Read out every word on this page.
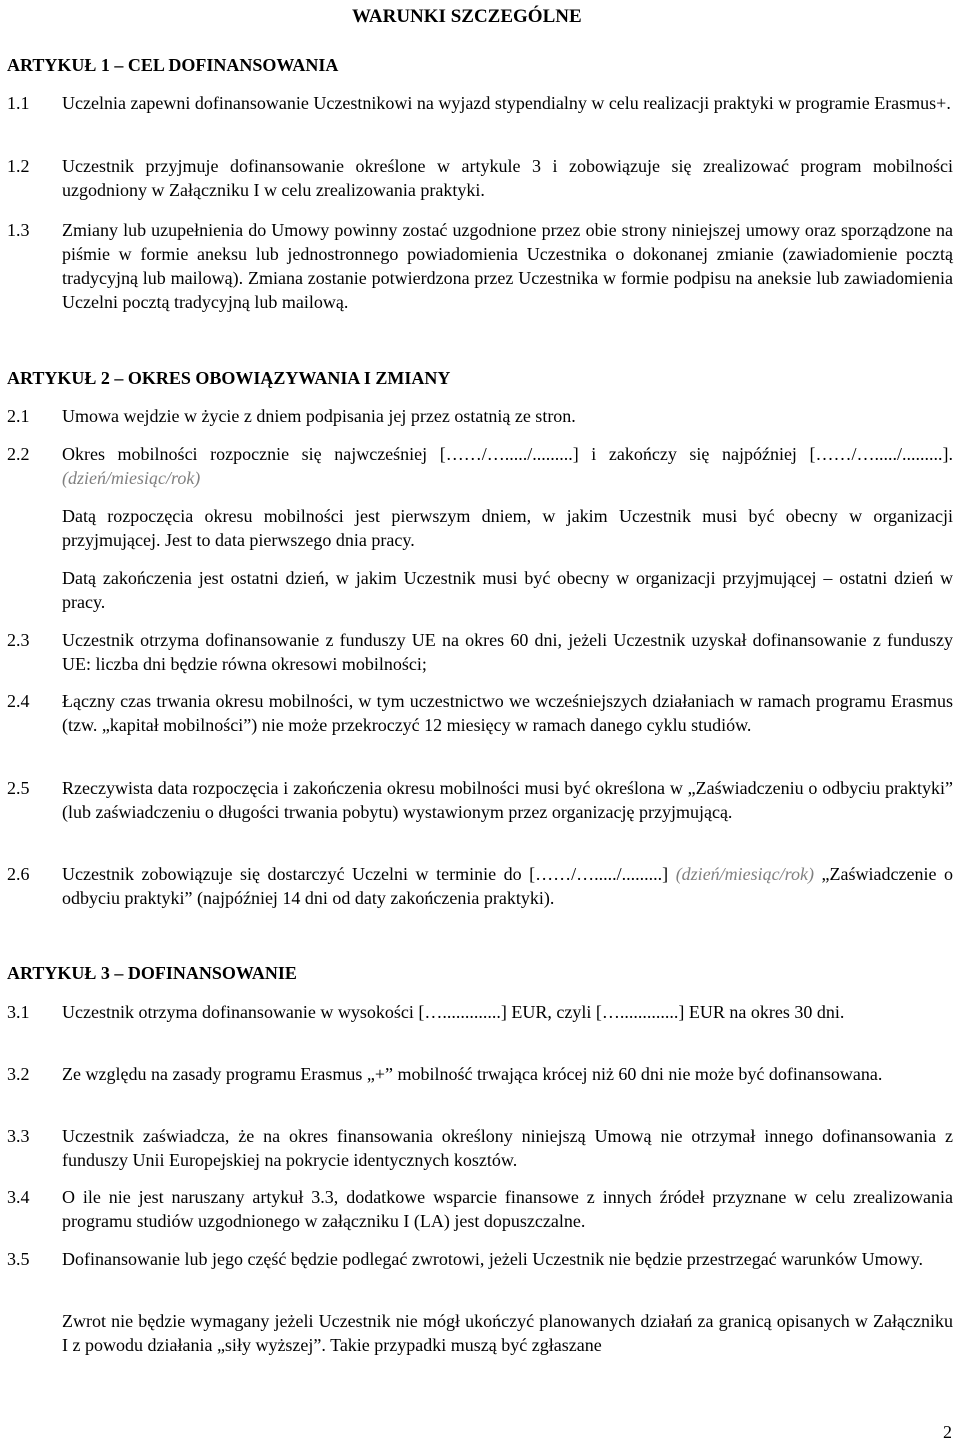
WARUNKI SZCZEGÓLNE
ARTYKUŁ 1 – CEL DOFINANSOWANIA
1.1 Uczelnia zapewni dofinansowanie Uczestnikowi na wyjazd stypendialny w celu realizacji praktyki w programie Erasmus+.
1.2 Uczestnik przyjmuje dofinansowanie określone w artykule 3 i zobowiązuje się zrealizować program mobilności uzgodniony w Załączniku I w celu zrealizowania praktyki.
1.3 Zmiany lub uzupełnienia do Umowy powinny zostać uzgodnione przez obie strony niniejszej umowy oraz sporządzone na piśmie w formie aneksu lub jednostronnego powiadomienia Uczestnika o dokonanej zmianie (zawiadomienie pocztą tradycyjną lub mailową). Zmiana zostanie potwierdzona przez Uczestnika w formie podpisu na aneksie lub zawiadomienia Uczelni pocztą tradycyjną lub mailową.
ARTYKUŁ 2 – OKRES OBOWIĄZYWANIA I ZMIANY
2.1 Umowa wejdzie w życie z dniem podpisania jej przez ostatnią ze stron.
2.2 Okres mobilności rozpocznie się najwcześniej [……/…...../.........] i zakończy się najpóźniej [……/…...../.........]. (dzień/miesiąc/rok)
Datą rozpoczęcia okresu mobilności jest pierwszym dniem, w jakim Uczestnik musi być obecny w organizacji przyjmującej. Jest to data pierwszego dnia pracy.
Datą zakończenia jest ostatni dzień, w jakim Uczestnik musi być obecny w organizacji przyjmującej – ostatni dzień w pracy.
2.3 Uczestnik otrzyma dofinansowanie z funduszy UE na okres 60 dni, jeżeli Uczestnik uzyskał dofinansowanie z funduszy UE: liczba dni będzie równa okresowi mobilności;
2.4 Łączny czas trwania okresu mobilności, w tym uczestnictwo we wcześniejszych działaniach w ramach programu Erasmus (tzw. „kapitał mobilności”) nie może przekroczyć 12 miesięcy w ramach danego cyklu studiów.
2.5 Rzeczywista data rozpoczęcia i zakończenia okresu mobilności musi być określona w „Zaświadczeniu o odbyciu praktyki” (lub zaświadczeniu o długości trwania pobytu) wystawionym przez organizację przyjmującą.
2.6 Uczestnik zobowiązuje się dostarczyć Uczelni w terminie do [……/…...../.........] (dzień/miesiąc/rok) „Zaświadczenie o odbyciu praktyki” (najpóźniej 14 dni od daty zakończenia praktyki).
ARTYKUŁ 3 – DOFINANSOWANIE
3.1 Uczestnik otrzyma dofinansowanie w wysokości [….............] EUR, czyli [….............] EUR na okres 30 dni.
3.2 Ze względu na zasady programu Erasmus „+” mobilność trwająca krócej niż 60 dni nie może być dofinansowana.
3.3 Uczestnik zaświadcza, że na okres finansowania określony niniejszą Umową nie otrzymał innego dofinansowania z funduszy Unii Europejskiej na pokrycie identycznych kosztów.
3.4 O ile nie jest naruszany artykuł 3.3, dodatkowe wsparcie finansowe z innych źródeł przyznane w celu zrealizowania programu studiów uzgodnionego w załączniku I (LA) jest dopuszczalne.
3.5 Dofinansowanie lub jego część będzie podlegać zwrotowi, jeżeli Uczestnik nie będzie przestrzegać warunków Umowy.
Zwrot nie będzie wymagany jeżeli Uczestnik nie mógł ukończyć planowanych działań za granicą opisanych w Załączniku I z powodu działania „siły wyższej”. Takie przypadki muszą być zgłaszane
2
